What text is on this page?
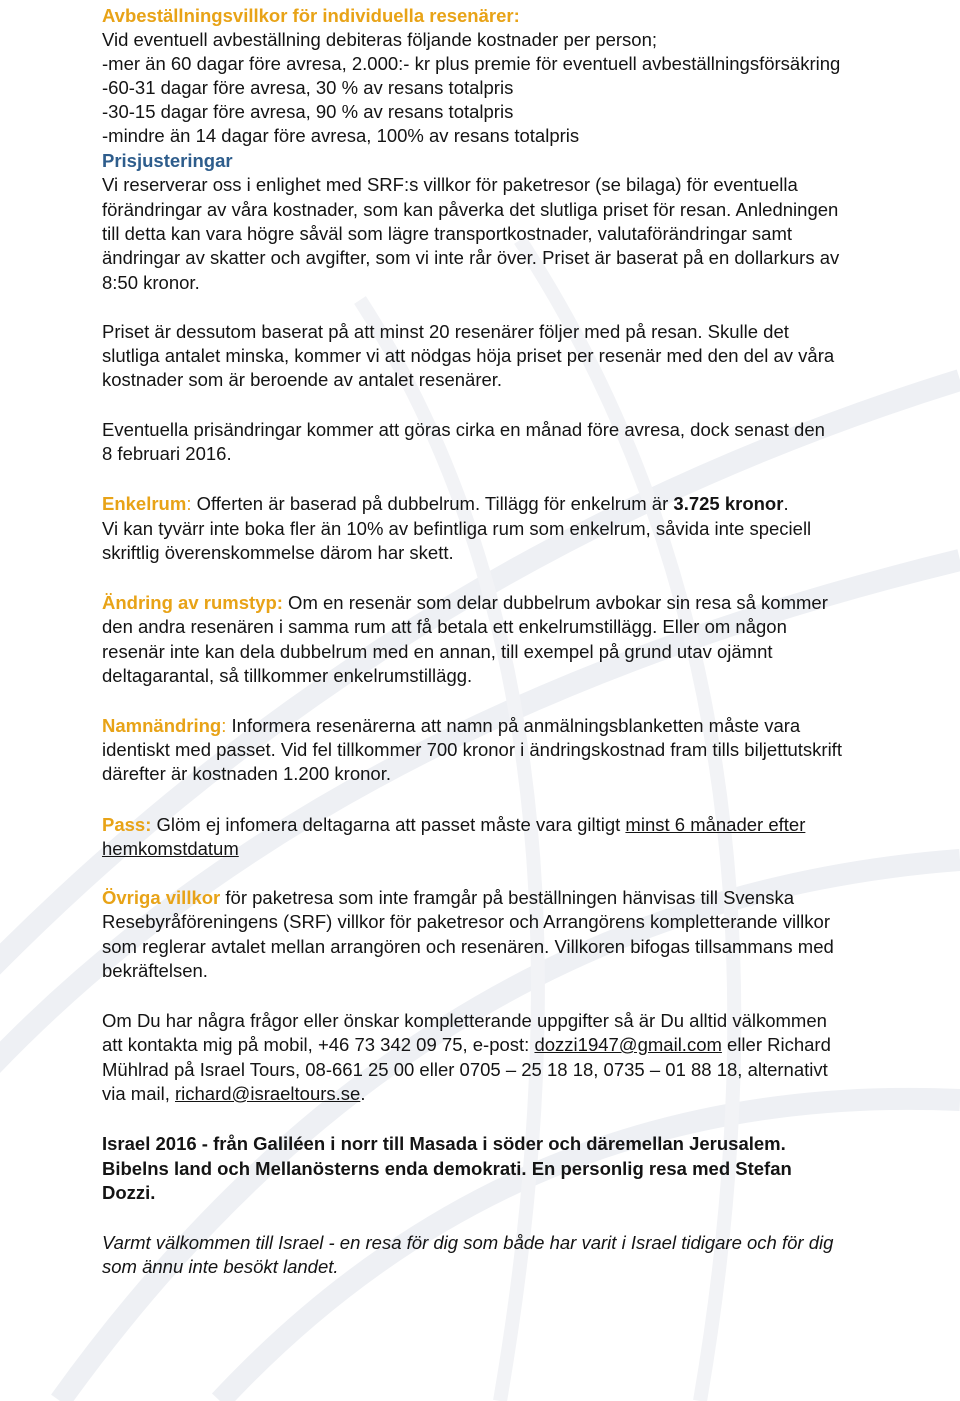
Avbeställningsvillkor för individuella resenärer:
Vid eventuell avbeställning debiteras följande kostnader per person;
-mer än 60 dagar före avresa, 2.000:- kr plus premie för eventuell avbeställningsförsäkring
-60-31 dagar före avresa, 30 % av resans totalpris
-30-15 dagar före avresa, 90 % av resans totalpris
-mindre än 14 dagar före avresa, 100% av resans totalpris
Prisjusteringar
Vi reserverar oss i enlighet med SRF:s villkor för paketresor (se bilaga) för eventuella
förändringar av våra kostnader, som kan påverka det slutliga priset för resan. Anledningen
till detta kan vara högre såväl som lägre transportkostnader, valutaförändringar samt
ändringar av skatter och avgifter, som vi inte rår över. Priset är baserat på en dollarkurs av
8:50 kronor.
Priset är dessutom baserat på att minst 20 resenärer följer med på resan. Skulle det
slutliga antalet minska, kommer vi att nödgas höja priset per resenär med den del av våra
kostnader som är beroende av antalet resenärer.
Eventuella prisändringar kommer att göras cirka en månad före avresa, dock senast den
8 februari 2016.
Enkelrum: Offerten är baserad på dubbelrum. Tillägg för enkelrum är 3.725 kronor.
Vi kan tyvärr inte boka fler än 10% av befintliga rum som enkelrum, såvida inte speciell
skriftlig överenskommelse därom har skett.
Ändring av rumstyp: Om en resenär som delar dubbelrum avbokar sin resa så kommer
den andra resenären i samma rum att få betala ett enkelrumstillägg. Eller om någon
resenär inte kan dela dubbelrum med en annan, till exempel på grund utav ojämnt
deltagarantal, så tillkommer enkelrumstillägg.
Namnändring: Informera resenärerna att namn på anmälningsblanketten måste vara
identiskt med passet. Vid fel tillkommer 700 kronor i ändringskostnad fram tills biljettutskrift
därefter är kostnaden 1.200 kronor.
Pass: Glöm ej infomera deltagarna att passet måste vara giltigt minst 6 månader efter
hemkomstdatum
Övriga villkor för paketresa som inte framgår på beställningen hänvisas till Svenska
Resebyråföreningens (SRF) villkor för paketresor och Arrangörens kompletterande villkor
som reglerar avtalet mellan arrangören och resenären. Villkoren bifogas tillsammans med
bekräftelsen.
Om Du har några frågor eller önskar kompletterande uppgifter så är Du alltid välkommen
att kontakta mig på mobil, +46 73 342 09 75, e-post: dozzi1947@gmail.com eller Richard
Mühlrad på Israel Tours, 08-661 25 00 eller 0705 – 25 18 18, 0735 – 01 88 18, alternativt
via mail, richard@israeltours.se.
Israel 2016 - från Galiléen i norr till Masada i söder och däremellan Jerusalem.
Bibelns land och Mellanösterns enda demokrati. En personlig resa med Stefan
Dozzi.
Varmt välkommen till Israel - en resa för dig som både har varit i Israel tidigare och för dig
som ännu inte besökt landet.
